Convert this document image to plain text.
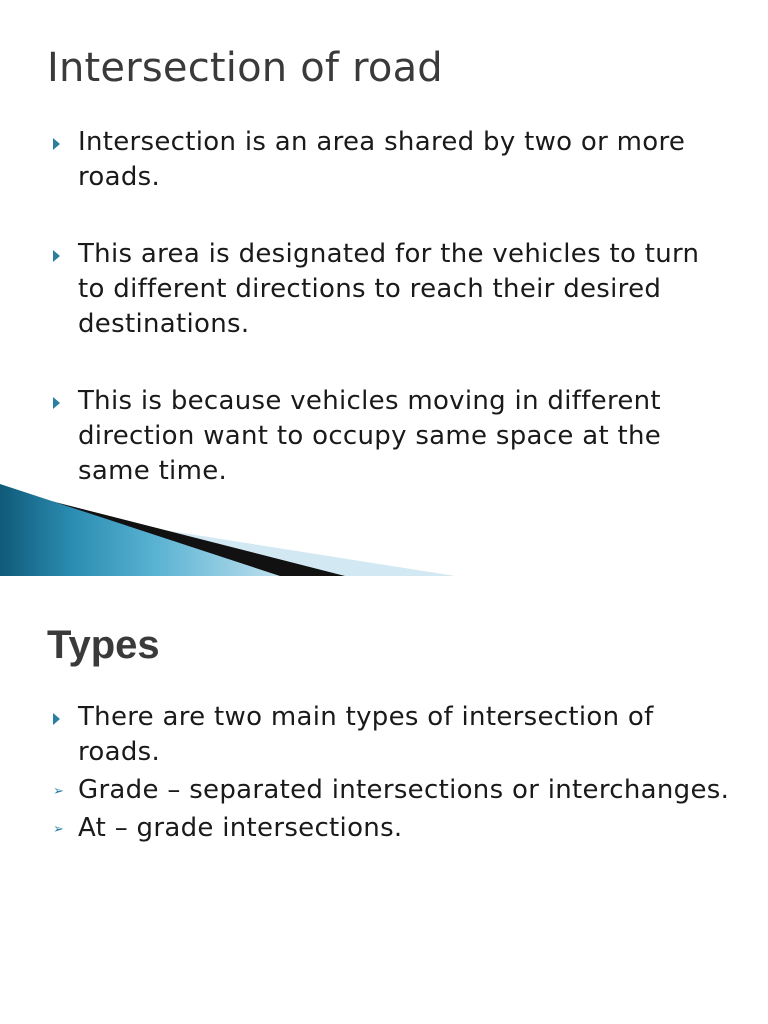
Intersection of road
Intersection is an area shared by two or more roads.
This area is designated for the vehicles to turn to different directions to reach their desired destinations.
This is because vehicles moving in different direction want to occupy same space at the same time.
Types
There are two main types of intersection of roads.
➢ Grade – separated intersections or interchanges.
➢ At – grade intersections.
